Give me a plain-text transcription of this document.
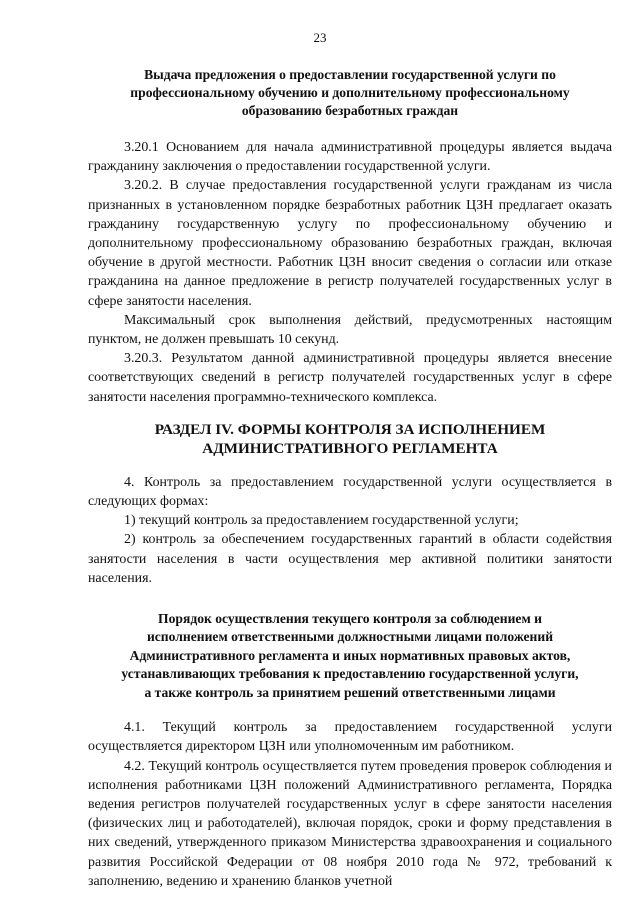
23
Выдача предложения о предоставлении государственной услуги по профессиональному обучению и дополнительному профессиональному образованию безработных граждан

3.20.1 Основанием для начала административной процедуры является выдача гражданину заключения о предоставлении государственной услуги.

3.20.2. В случае предоставления государственной услуги гражданам из числа признанных в установленном порядке безработных работник ЦЗН предлагает оказать гражданину государственную услугу по профессиональному обучению и дополнительному профессиональному образованию безработных граждан, включая обучение в другой местности. Работник ЦЗН вносит сведения о согласии или отказе гражданина на данное предложение в регистр получателей государственных услуг в сфере занятости населения.

Максимальный срок выполнения действий, предусмотренных настоящим пунктом, не должен превышать 10 секунд.

3.20.3. Результатом данной административной процедуры является внесение соответствующих сведений в регистр получателей государственных услуг в сфере занятости населения программно-технического комплекса.

РАЗДЕЛ IV. ФОРМЫ КОНТРОЛЯ ЗА ИСПОЛНЕНИЕМ АДМИНИСТРАТИВНОГО РЕГЛАМЕНТА

4. Контроль за предоставлением государственной услуги осуществляется в следующих формах:

1) текущий контроль за предоставлением государственной услуги;

2) контроль за обеспечением государственных гарантий в области содействия занятости населения в части осуществления мер активной политики занятости населения.

Порядок осуществления текущего контроля за соблюдением и исполнением ответственными должностными лицами положений Административного регламента и иных нормативных правовых актов, устанавливающих требования к предоставлению государственной услуги, а также контроль за принятием решений ответственными лицами

4.1. Текущий контроль за предоставлением государственной услуги осуществляется директором ЦЗН или уполномоченным им работником.

4.2. Текущий контроль осуществляется путем проведения проверок соблюдения и исполнения работниками ЦЗН положений Административного регламента, Порядка ведения регистров получателей государственных услуг в сфере занятости населения (физических лиц и работодателей), включая порядок, сроки и форму представления в них сведений, утвержденного приказом Министерства здравоохранения и социального развития Российской Федерации от 08 ноября 2010 года № 972, требований к заполнению, ведению и хранению бланков учетной
